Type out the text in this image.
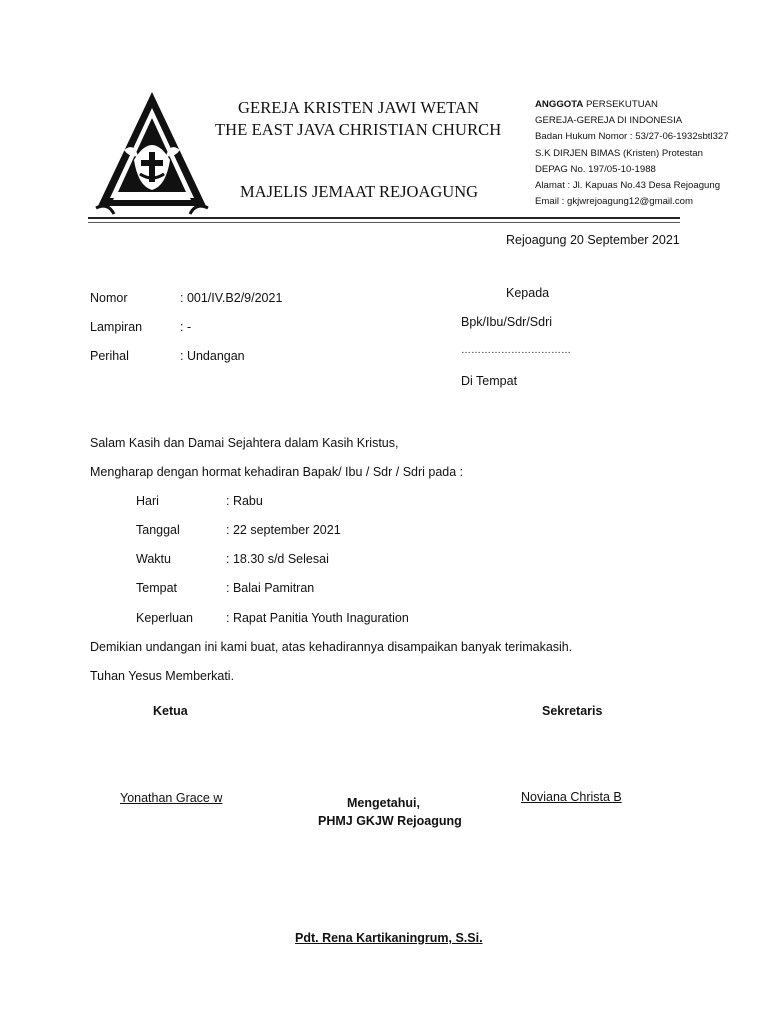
GEREJA KRISTEN JAWI WETAN
THE EAST JAVA CHRISTIAN CHURCH
MAJELIS JEMAAT REJOAGUNG
ANGGOTA PERSEKUTUAN
GEREJA-GEREJA DI INDONESIA
Badan Hukum Nomor : 53/27-06-1932sbtl327
S.K DIRJEN BIMAS (Kristen) Protestan
DEPAG No. 197/05-10-1988
Alamat : Jl. Kapuas No.43 Desa Rejoagung
Email : gkjwrejoagung12@gmail.com
Rejoagung 20 September 2021
Nomor	: 001/IV.B2/9/2021
Lampiran	: -
Perihal	: Undangan
Kepada
Bpk/Ibu/Sdr/Sdri
……………………………
Di Tempat
Salam Kasih dan Damai Sejahtera dalam Kasih Kristus,
Mengharap dengan hormat kehadiran Bapak/ Ibu / Sdr / Sdri pada :
Hari	: Rabu
Tanggal	: 22 september 2021
Waktu	: 18.30 s/d Selesai
Tempat	: Balai Pamitran
Keperluan	: Rapat Panitia Youth Inaguration
Demikian undangan ini kami buat, atas kehadirannya disampaikan banyak terimakasih.
Tuhan Yesus Memberkati.
Ketua	Sekretaris
Yonathan Grace w	Noviana Christa B
Mengetahui,
PHMJ GKJW Rejoagung
Pdt. Rena Kartikaningrum, S.Si.
